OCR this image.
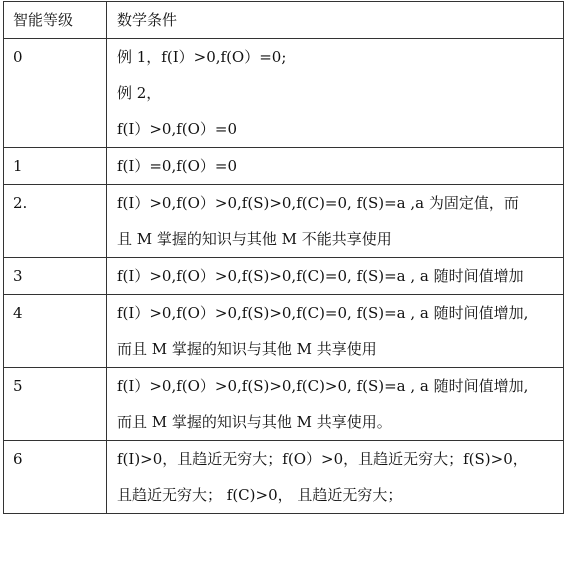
智能等级	数学条件

0	例 1，f(I）>0,f(O）=0;
例 2，
f(I）>0,f(O）=0

1	f(I）=0,f(O）=0

2.	f(I）>0,f(O）>0,f(S)>0,f(C)=0, f(S)=a ,a 为固定值，而
且 M 掌握的知识与其他 M 不能共享使用

3	f(I）>0,f(O）>0,f(S)>0,f(C)=0, f(S)=a , a 随时间值增加

4	f(I）>0,f(O）>0,f(S)>0,f(C)=0, f(S)=a , a 随时间值增加,
而且 M 掌握的知识与其他 M 共享使用

5	f(I）>0,f(O）>0,f(S)>0,f(C)>0, f(S)=a , a 随时间值增加,
而且 M 掌握的知识与其他 M 共享使用。

6	f(I)>0，且趋近无穷大；f(O）>0，且趋近无穷大；f(S)>0，
且趋近无穷大； f(C)>0， 且趋近无穷大；
